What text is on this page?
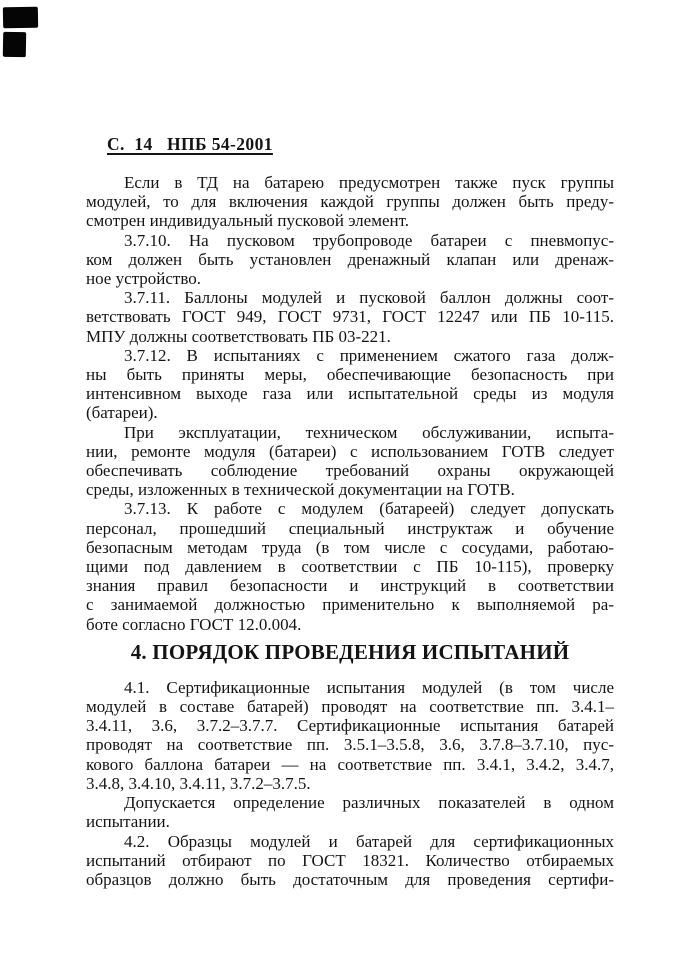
С.  14   НПБ 54-2001
Если в ТД на батарею предусмотрен также пуск группы
модулей, то для включения каждой группы должен быть преду-
смотрен индивидуальный пусковой элемент.
3.7.10. На пусковом трубопроводе батареи с пневмопус-
ком должен быть установлен дренажный клапан или дренаж-
ное устройство.
3.7.11. Баллоны модулей и пусковой баллон должны соот-
ветствовать ГОСТ 949, ГОСТ 9731, ГОСТ 12247 или ПБ 10-115.
МПУ должны соответствовать ПБ 03-221.
3.7.12. В испытаниях с применением сжатого газа долж-
ны быть приняты меры, обеспечивающие безопасность при
интенсивном выходе газа или испытательной среды из модуля
(батареи).
При эксплуатации, техническом обслуживании, испыта-
нии, ремонте модуля (батареи) с использованием ГОТВ следует
обеспечивать соблюдение требований охраны окружающей
среды, изложенных в технической документации на ГОТВ.
3.7.13. К работе с модулем (батареей) следует допускать
персонал, прошедший специальный инструктаж и обучение
безопасным методам труда (в том числе с сосудами, работаю-
щими под давлением в соответствии с ПБ 10-115), проверку
знания правил безопасности и инструкций в соответствии
с занимаемой должностью применительно к выполняемой ра-
боте согласно ГОСТ 12.0.004.
4. ПОРЯДОК ПРОВЕДЕНИЯ ИСПЫТАНИЙ
4.1. Сертификационные испытания модулей (в том числе
модулей в составе батарей) проводят на соответствие пп. 3.4.1–
3.4.11, 3.6, 3.7.2–3.7.7. Сертификационные испытания батарей
проводят на соответствие пп. 3.5.1–3.5.8, 3.6, 3.7.8–3.7.10, пус-
кового баллона батареи — на соответствие пп. 3.4.1, 3.4.2, 3.4.7,
3.4.8, 3.4.10, 3.4.11, 3.7.2–3.7.5.
Допускается определение различных показателей в одном
испытании.
4.2. Образцы модулей и батарей для сертификационных
испытаний отбирают по ГОСТ 18321. Количество отбираемых
образцов должно быть достаточным для проведения сертифи-
